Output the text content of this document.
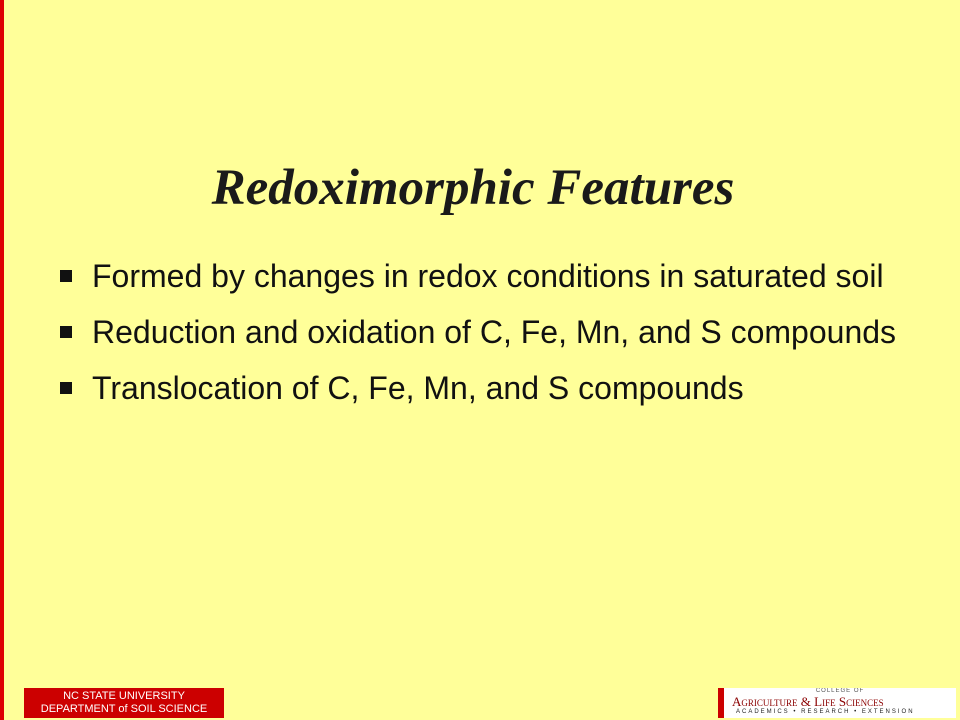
Redoximorphic Features
Formed by changes in redox conditions in saturated soil
Reduction and oxidation of C, Fe, Mn, and S compounds
Translocation of C, Fe, Mn, and S compounds
NC STATE UNIVERSITY
DEPARTMENT of SOIL SCIENCE
COLLEGE OF
Agriculture & Life Sciences
ACADEMICS • RESEARCH • EXTENSION
